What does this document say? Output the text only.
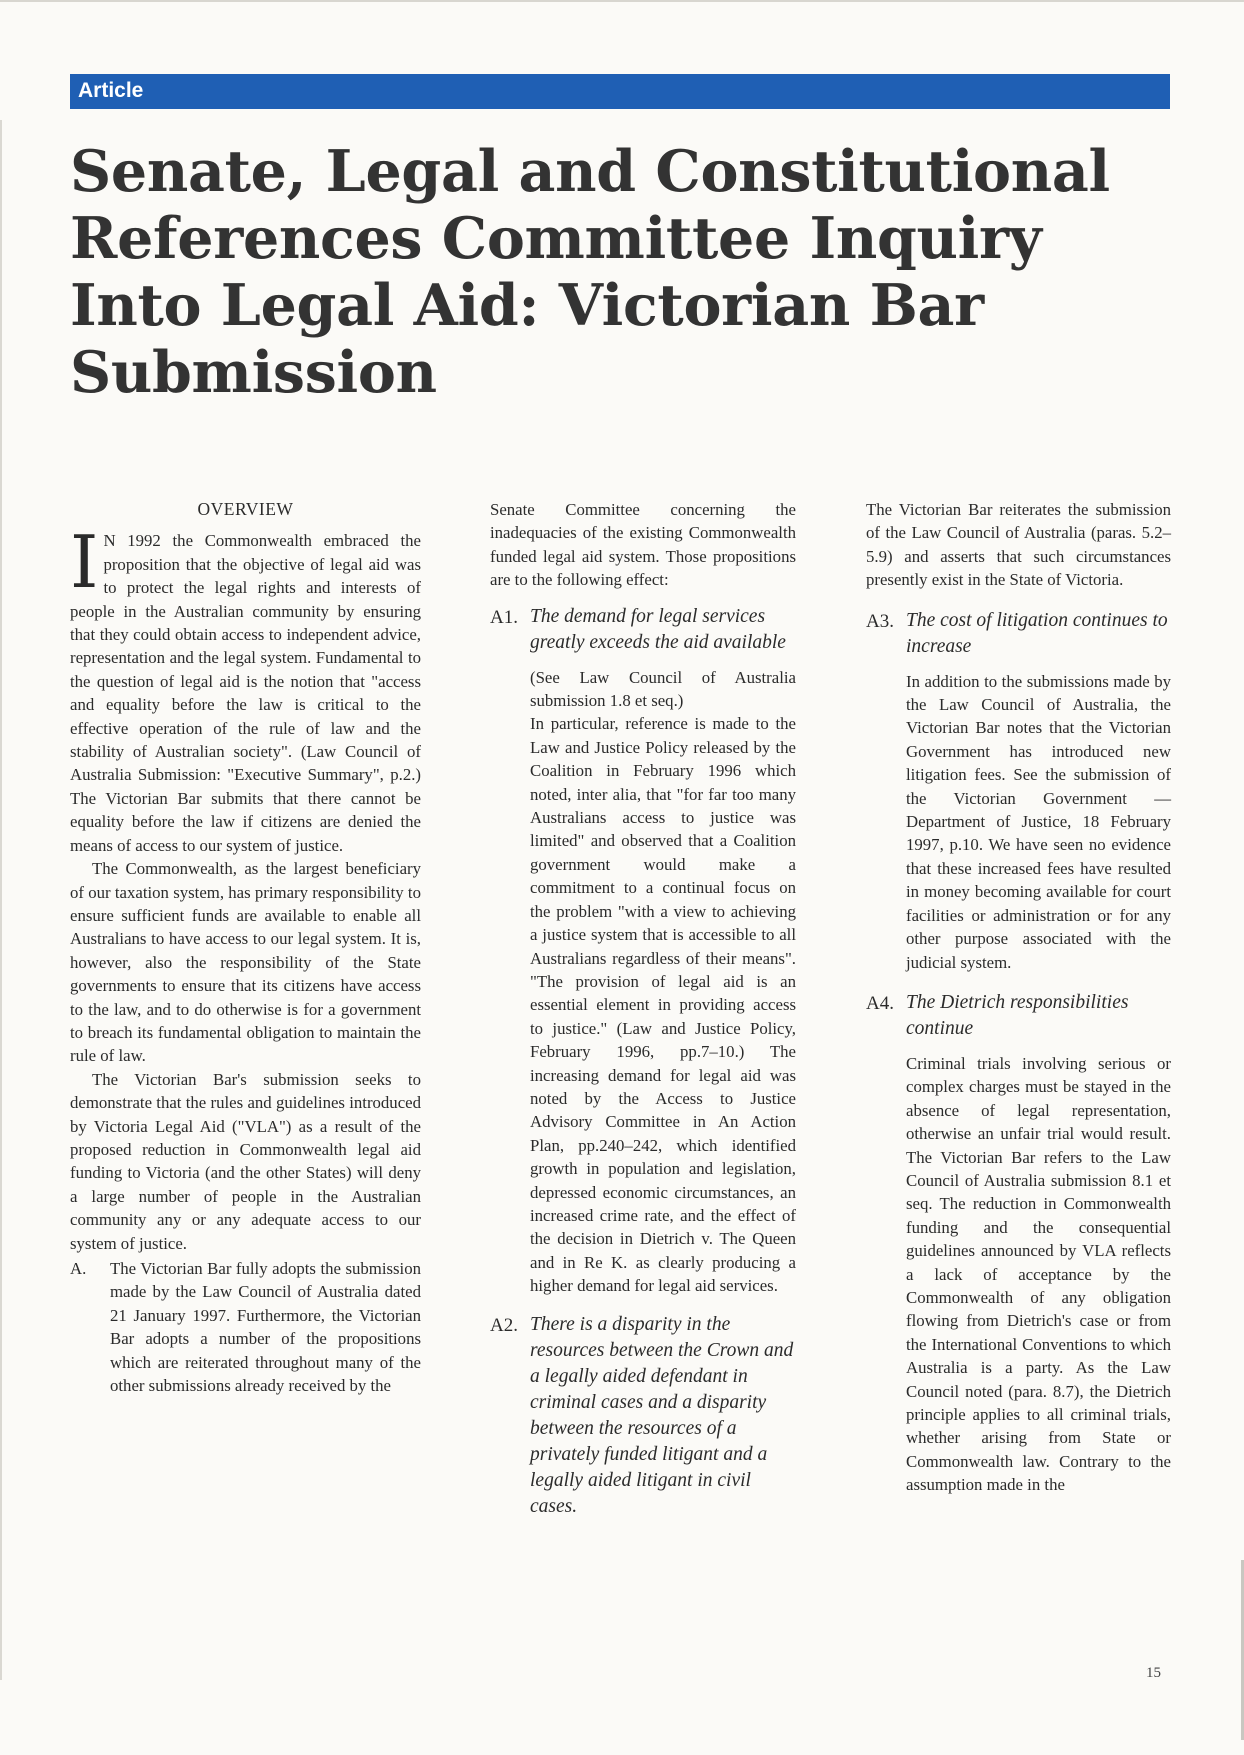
Article
Senate, Legal and Constitutional References Committee Inquiry Into Legal Aid: Victorian Bar Submission

OVERVIEW

I N 1992 the Commonwealth embraced the proposition that the objective of legal aid was to protect the legal rights and interests of people in the Australian community by ensuring that they could obtain access to independent advice, representation and the legal system. Fundamental to the question of legal aid is the notion that "access and equality before the law is critical to the effective operation of the rule of law and the stability of Australian society". (Law Council of Australia Submission: "Executive Summary", p.2.) The Victorian Bar submits that there cannot be equality before the law if citizens are denied the means of access to our system of justice.

The Commonwealth, as the largest beneficiary of our taxation system, has primary responsibility to ensure sufficient funds are available to enable all Australians to have access to our legal system. It is, however, also the responsibility of the State governments to ensure that its citizens have access to the law, and to do otherwise is for a government to breach its fundamental obligation to maintain the rule of law.

The Victorian Bar's submission seeks to demonstrate that the rules and guidelines introduced by Victoria Legal Aid ("VLA") as a result of the proposed reduction in Commonwealth legal aid funding to Victoria (and the other States) will deny a large number of people in the Australian community any or any adequate access to our system of justice.

A.	The Victorian Bar fully adopts the submission made by the Law Council of Australia dated 21 January 1997. Furthermore, the Victorian Bar adopts a number of the propositions which are reiterated throughout many of the other submissions already received by the

Senate Committee concerning the inadequacies of the existing Commonwealth funded legal aid system. Those propositions are to the following effect:

A1. The demand for legal services greatly exceeds the aid available

(See Law Council of Australia submission 1.8 et seq.)

In particular, reference is made to the Law and Justice Policy released by the Coalition in February 1996 which noted, inter alia, that "for far too many Australians access to justice was limited" and observed that a Coalition government would make a commitment to a continual focus on the problem "with a view to achieving a justice system that is accessible to all Australians regardless of their means". "The provision of legal aid is an essential element in providing access to justice." (Law and Justice Policy, February 1996, pp.7–10.) The increasing demand for legal aid was noted by the Access to Justice Advisory Committee in An Action Plan, pp.240–242, which identified growth in population and legislation, depressed economic circumstances, an increased crime rate, and the effect of the decision in Dietrich v. The Queen and in Re K. as clearly producing a higher demand for legal aid services.

A2. There is a disparity in the resources between the Crown and a legally aided defendant in criminal cases and a disparity between the resources of a privately funded litigant and a legally aided litigant in civil cases.

The Victorian Bar reiterates the submission of the Law Council of Australia (paras. 5.2–5.9) and asserts that such circumstances presently exist in the State of Victoria.

A3. The cost of litigation continues to increase

In addition to the submissions made by the Law Council of Australia, the Victorian Bar notes that the Victorian Government has introduced new litigation fees. See the submission of the Victorian Government — Department of Justice, 18 February 1997, p.10. We have seen no evidence that these increased fees have resulted in money becoming available for court facilities or administration or for any other purpose associated with the judicial system.

A4. The Dietrich responsibilities continue

Criminal trials involving serious or complex charges must be stayed in the absence of legal representation, otherwise an unfair trial would result. The Victorian Bar refers to the Law Council of Australia submission 8.1 et seq. The reduction in Commonwealth funding and the consequential guidelines announced by VLA reflects a lack of acceptance by the Commonwealth of any obligation flowing from Dietrich's case or from the International Conventions to which Australia is a party. As the Law Council noted (para. 8.7), the Dietrich principle applies to all criminal trials, whether arising from State or Commonwealth law. Contrary to the assumption made in the

15
